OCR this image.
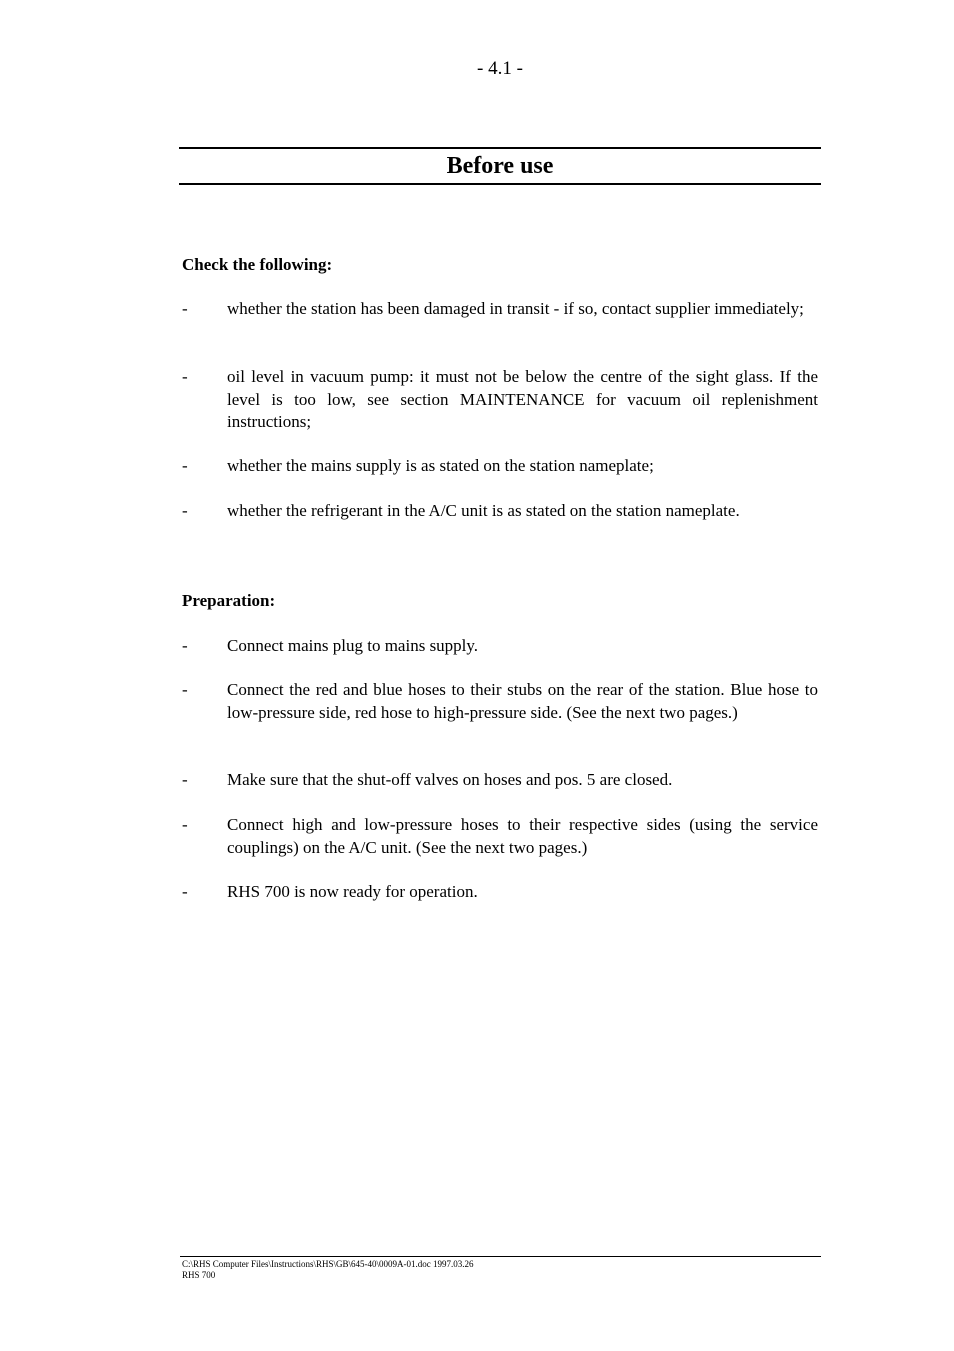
- 4.1 -
Before use
Check the following:
- whether the station has been damaged in transit - if so, contact supplier immediately;
- oil level in vacuum pump: it must not be below the centre of the sight glass. If the level is too low, see section MAINTENANCE for vacuum oil replenishment instructions;
- whether the mains supply is as stated on the station nameplate;
- whether the refrigerant in the A/C unit is as stated on the station nameplate.
Preparation:
- Connect mains plug to mains supply.
- Connect the red and blue hoses to their stubs on the rear of the station. Blue hose to low-pressure side, red hose to high-pressure side. (See the next two pages.)
- Make sure that the shut-off valves on hoses and pos. 5 are closed.
- Connect high and low-pressure hoses to their respective sides (using the service couplings) on the A/C unit. (See the next two pages.)
- RHS 700 is now ready for operation.
C:\RHS Computer Files\Instructions\RHS\GB\645-40\0009A-01.doc 1997.03.26
RHS 700
